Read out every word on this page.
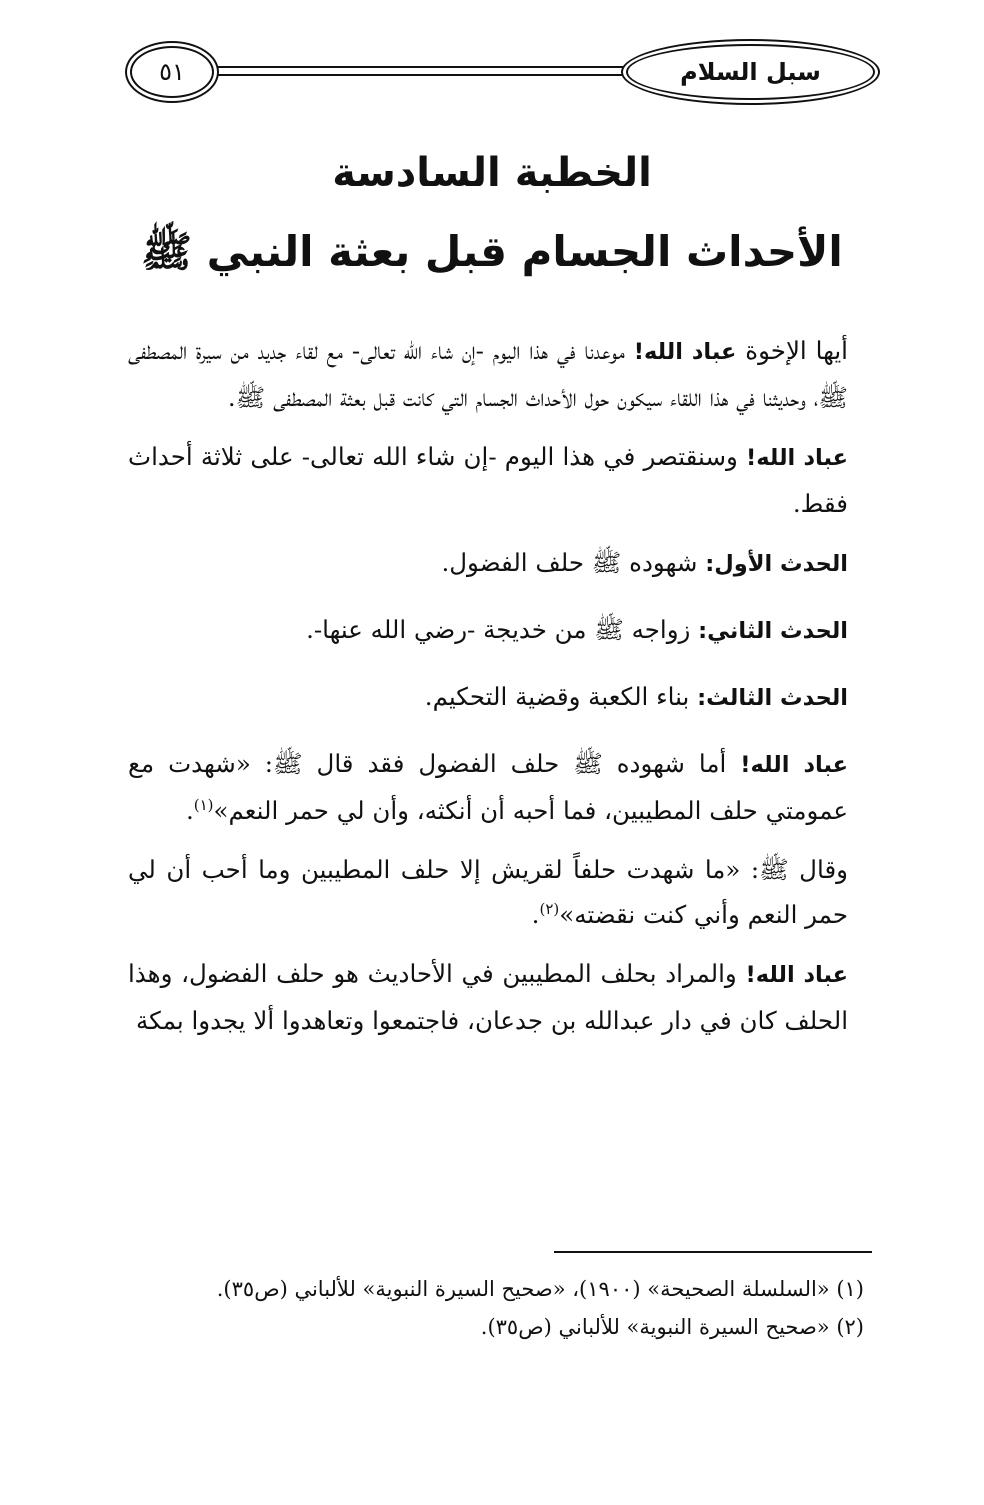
سبل السلام
٥١
الخطبة السادسة
الأحداث الجسام قبل بعثة النبي ﷺ

أيها الإخوة عباد الله! موعدنا في هذا اليوم -إن شاء الله تعالى- مع لقاء جديد من سيرة المصطفى ﷺ، وحديثنا في هذا اللقاء سيكون حول الأحداث الجسام التي كانت قبل بعثة المصطفى ﷺ.

عباد الله! وسنقتصر في هذا اليوم -إن شاء الله تعالى- على ثلاثة أحداث فقط.

الحدث الأول: شهوده ﷺ حلف الفضول.

الحدث الثاني: زواجه ﷺ من خديجة -رضي الله عنها-.

الحدث الثالث: بناء الكعبة وقضية التحكيم.

عباد الله! أما شهوده ﷺ حلف الفضول فقد قال ﷺ: «شهدت مع عمومتي حلف المطيبين، فما أحبه أن أنكثه، وأن لي حمر النعم»$^{(١)}$.

وقال ﷺ: «ما شهدت حلفاً لقريش إلا حلف المطيبين وما أحب أن لي حمر النعم وأني كنت نقضته»$^{(٢)}$.

عباد الله! والمراد بحلف المطيبين في الأحاديث هو حلف الفضول، وهذا الحلف كان في دار عبدالله بن جدعان، فاجتمعوا وتعاهدوا ألا يجدوا بمكة

(١) «السلسلة الصحيحة» (١٩٠٠)، «صحيح السيرة النبوية» للألباني (ص٣٥).

(٢) «صحيح السيرة النبوية» للألباني (ص٣٥).
